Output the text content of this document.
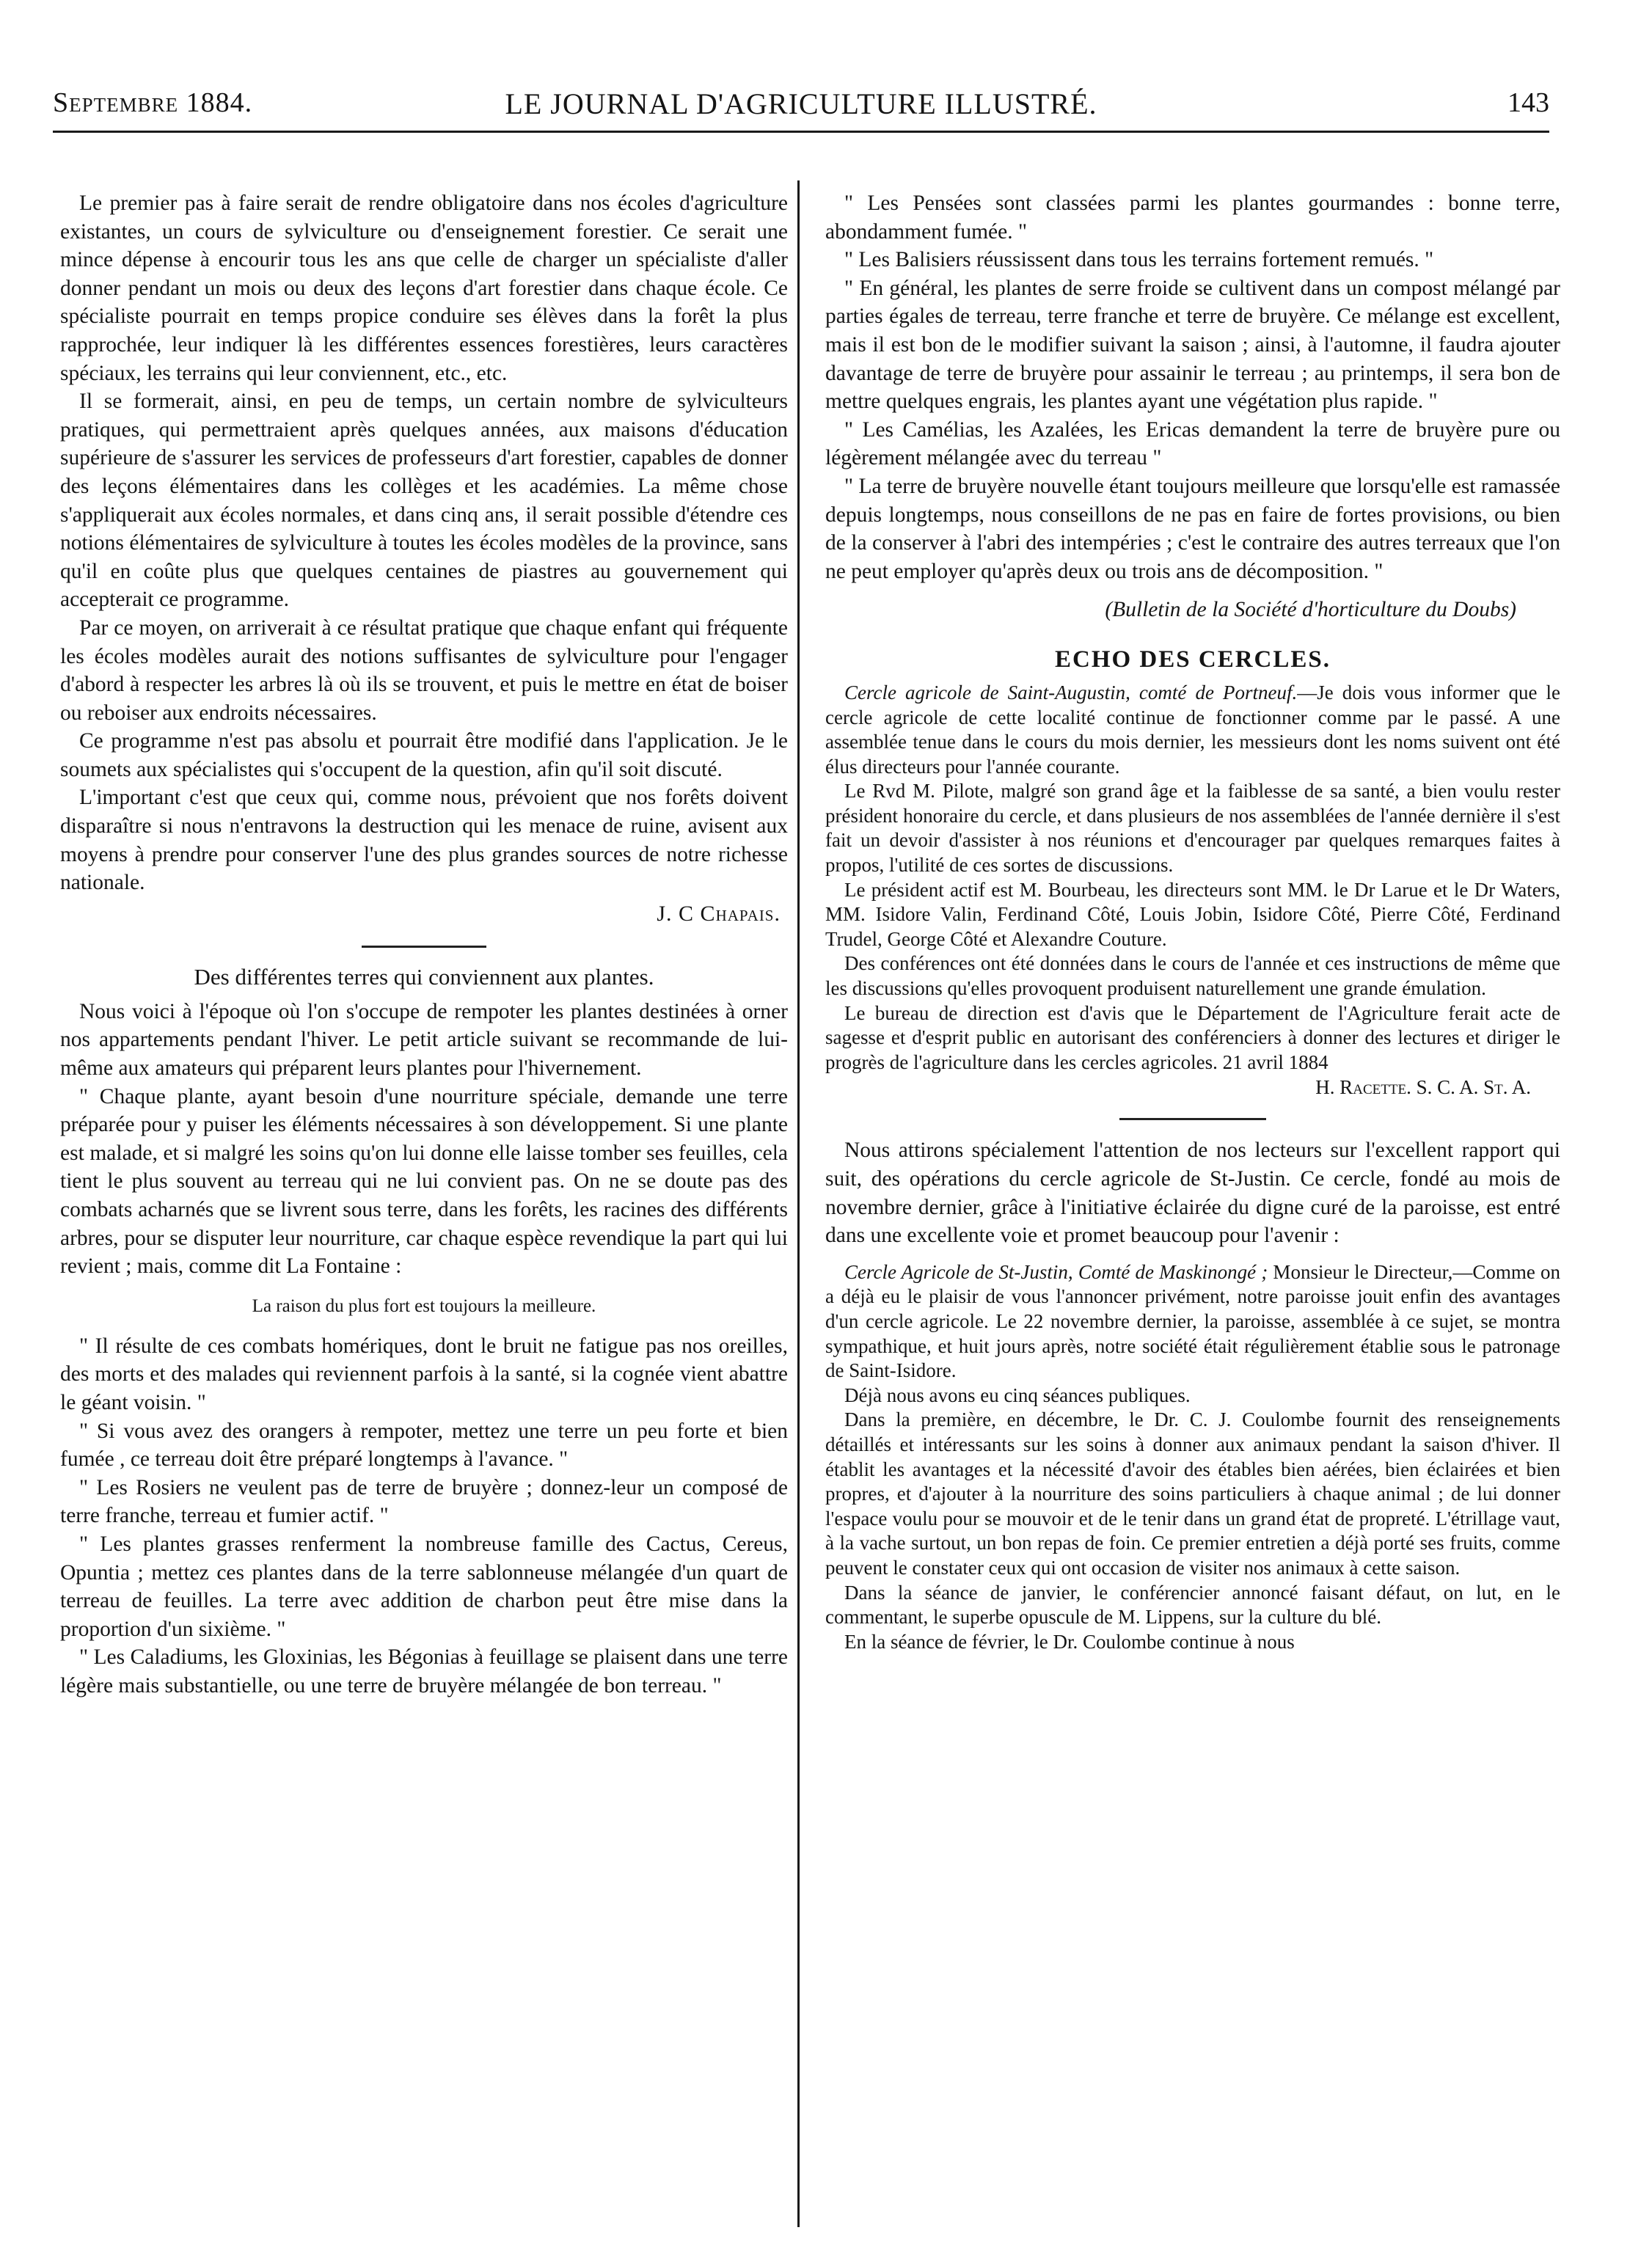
Septembre 1884.	LE JOURNAL D'AGRICULTURE ILLUSTRÉ.	143

Le premier pas à faire serait de rendre obligatoire dans nos écoles d'agriculture existantes, un cours de sylviculture ou d'enseignement forestier. Ce serait une mince dépense à encourir tous les ans que celle de charger un spécialiste d'aller donner pendant un mois ou deux des leçons d'art forestier dans chaque école. Ce spécialiste pourrait en temps propice conduire ses élèves dans la forêt la plus rapprochée, leur indiquer là les différentes essences forestières, leurs caractères spéciaux, les terrains qui leur conviennent, etc., etc.

Il se formerait, ainsi, en peu de temps, un certain nombre de sylviculteurs pratiques, qui permettraient après quelques années, aux maisons d'éducation supérieure de s'assurer les services de professeurs d'art forestier, capables de donner des leçons élémentaires dans les collèges et les académies. La même chose s'appliquerait aux écoles normales, et dans cinq ans, il serait possible d'étendre ces notions élémentaires de sylviculture à toutes les écoles modèles de la province, sans qu'il en coûte plus que quelques centaines de piastres au gouvernement qui accepterait ce programme.

Par ce moyen, on arriverait à ce résultat pratique que chaque enfant qui fréquente les écoles modèles aurait des notions suffisantes de sylviculture pour l'engager d'abord à respecter les arbres là où ils se trouvent, et puis le mettre en état de boiser ou reboiser aux endroits nécessaires.

Ce programme n'est pas absolu et pourrait être modifié dans l'application. Je le soumets aux spécialistes qui s'occupent de la question, afin qu'il soit discuté.

L'important c'est que ceux qui, comme nous, prévoient que nos forêts doivent disparaître si nous n'entravons la destruction qui les menace de ruine, avisent aux moyens à prendre pour conserver l'une des plus grandes sources de notre richesse nationale.

J. C Chapais.
Des différentes terres qui conviennent aux plantes.

Nous voici à l'époque où l'on s'occupe de rempoter les plantes destinées à orner nos appartements pendant l'hiver. Le petit article suivant se recommande de lui-même aux amateurs qui préparent leurs plantes pour l'hivernement.

" Chaque plante, ayant besoin d'une nourriture spéciale, demande une terre préparée pour y puiser les éléments nécessaires à son développement. Si une plante est malade, et si malgré les soins qu'on lui donne elle laisse tomber ses feuilles, cela tient le plus souvent au terreau qui ne lui convient pas. On ne se doute pas des combats acharnés que se livrent sous terre, dans les forêts, les racines des différents arbres, pour se disputer leur nourriture, car chaque espèce revendique la part qui lui revient ; mais, comme dit La Fontaine :

La raison du plus fort est toujours la meilleure.

" Il résulte de ces combats homériques, dont le bruit ne fatigue pas nos oreilles, des morts et des malades qui reviennent parfois à la santé, si la cognée vient abattre le géant voisin. "

" Si vous avez des orangers à rempoter, mettez une terre un peu forte et bien fumée , ce terreau doit être préparé longtemps à l'avance. "

" Les Rosiers ne veulent pas de terre de bruyère ; donnez-leur un composé de terre franche, terreau et fumier actif. "

" Les plantes grasses renferment la nombreuse famille des Cactus, Cereus, Opuntia ; mettez ces plantes dans de la terre sablonneuse mélangée d'un quart de terreau de feuilles. La terre avec addition de charbon peut être mise dans la proportion d'un sixième. "

" Les Caladiums, les Gloxinias, les Bégonias à feuillage se plaisent dans une terre légère mais substantielle, ou une terre de bruyère mélangée de bon terreau. "

" Les Pensées sont classées parmi les plantes gourmandes : bonne terre, abondamment fumée. "

" Les Balisiers réussissent dans tous les terrains fortement remués. "

" En général, les plantes de serre froide se cultivent dans un compost mélangé par parties égales de terreau, terre franche et terre de bruyère. Ce mélange est excellent, mais il est bon de le modifier suivant la saison ; ainsi, à l'automne, il faudra ajouter davantage de terre de bruyère pour assainir le terreau ; au printemps, il sera bon de mettre quelques engrais, les plantes ayant une végétation plus rapide. "

" Les Camélias, les Azalées, les Ericas demandent la terre de bruyère pure ou légèrement mélangée avec du terreau "

" La terre de bruyère nouvelle étant toujours meilleure que lorsqu'elle est ramassée depuis longtemps, nous conseillons de ne pas en faire de fortes provisions, ou bien de la conserver à l'abri des intempéries ; c'est le contraire des autres terreaux que l'on ne peut employer qu'après deux ou trois ans de décomposition. "

(Bulletin de la Société d'horticulture du Doubs)

ECHO DES CERCLES.

Cercle agricole de Saint-Augustin, comté de Portneuf.—Je dois vous informer que le cercle agricole de cette localité continue de fonctionner comme par le passé. A une assemblée tenue dans le cours du mois dernier, les messieurs dont les noms suivent ont été élus directeurs pour l'année courante.

Le Rvd M. Pilote, malgré son grand âge et la faiblesse de sa santé, a bien voulu rester président honoraire du cercle, et dans plusieurs de nos assemblées de l'année dernière il s'est fait un devoir d'assister à nos réunions et d'encourager par quelques remarques faites à propos, l'utilité de ces sortes de discussions.

Le président actif est M. Bourbeau, les directeurs sont MM. le Dr Larue et le Dr Waters, MM. Isidore Valin, Ferdinand Côté, Louis Jobin, Isidore Côté, Pierre Côté, Ferdinand Trudel, George Côté et Alexandre Couture.

Des conférences ont été données dans le cours de l'année et ces instructions de même que les discussions qu'elles provoquent produisent naturellement une grande émulation.

Le bureau de direction est d'avis que le Département de l'Agriculture ferait acte de sagesse et d'esprit public en autorisant des conférenciers à donner des lectures et diriger le progrès de l'agriculture dans les cercles agricoles. 21 avril 1884

H. Racette. S. C. A. St. A.

Nous attirons spécialement l'attention de nos lecteurs sur l'excellent rapport qui suit, des opérations du cercle agricole de St-Justin. Ce cercle, fondé au mois de novembre dernier, grâce à l'initiative éclairée du digne curé de la paroisse, est entré dans une excellente voie et promet beaucoup pour l'avenir :

Cercle Agricole de St-Justin, Comté de Maskinongé ; Monsieur le Directeur,—Comme on a déjà eu le plaisir de vous l'annoncer privément, notre paroisse jouit enfin des avantages d'un cercle agricole. Le 22 novembre dernier, la paroisse, assemblée à ce sujet, se montra sympathique, et huit jours après, notre société était régulièrement établie sous le patronage de Saint-Isidore.

Déjà nous avons eu cinq séances publiques.

Dans la première, en décembre, le Dr. C. J. Coulombe fournit des renseignements détaillés et intéressants sur les soins à donner aux animaux pendant la saison d'hiver. Il établit les avantages et la nécessité d'avoir des étables bien aérées, bien éclairées et bien propres, et d'ajouter à la nourriture des soins particuliers à chaque animal ; de lui donner l'espace voulu pour se mouvoir et de le tenir dans un grand état de propreté. L'étrillage vaut, à la vache surtout, un bon repas de foin. Ce premier entretien a déjà porté ses fruits, comme peuvent le constater ceux qui ont occasion de visiter nos animaux à cette saison.

Dans la séance de janvier, le conférencier annoncé faisant défaut, on lut, en le commentant, le superbe opuscule de M. Lippens, sur la culture du blé.

En la séance de février, le Dr. Coulombe continue à nous
